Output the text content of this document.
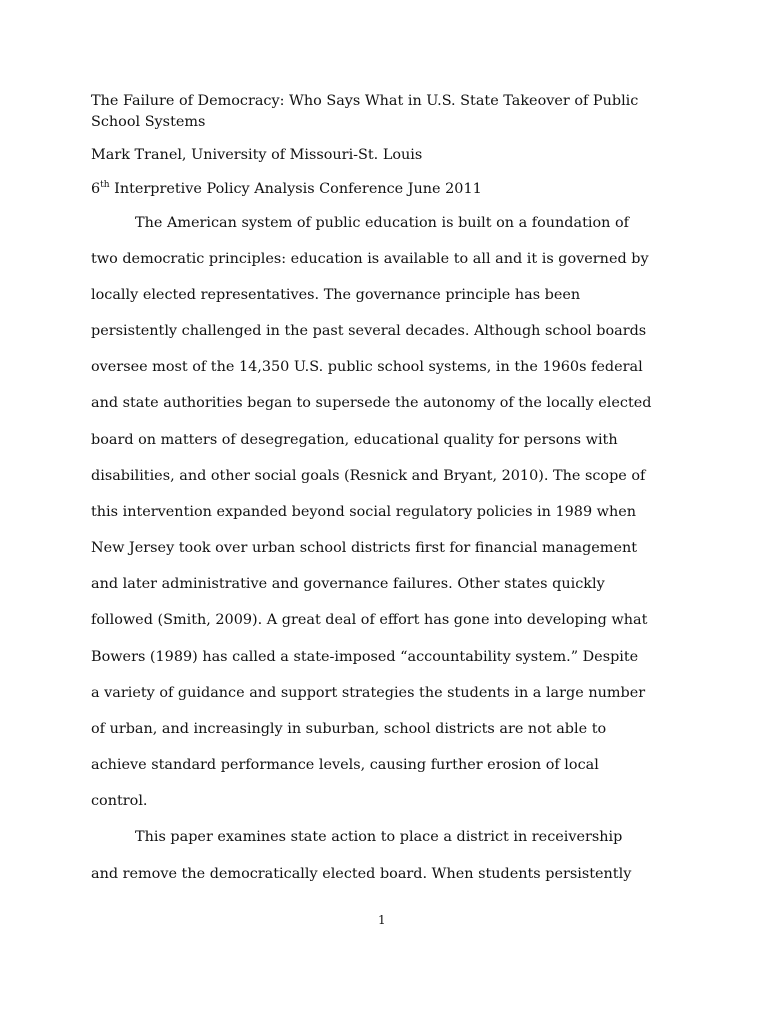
The Failure of Democracy: Who Says What in U.S. State Takeover of Public
School Systems
Mark Tranel, University of Missouri-St. Louis
6th Interpretive Policy Analysis Conference June 2011
The American system of public education is built on a foundation of
two democratic principles: education is available to all and it is governed by
locally elected representatives. The governance principle has been
persistently challenged in the past several decades. Although school boards
oversee most of the 14,350 U.S. public school systems, in the 1960s federal
and state authorities began to supersede the autonomy of the locally elected
board on matters of desegregation, educational quality for persons with
disabilities, and other social goals (Resnick and Bryant, 2010). The scope of
this intervention expanded beyond social regulatory policies in 1989 when
New Jersey took over urban school districts first for financial management
and later administrative and governance failures. Other states quickly
followed (Smith, 2009). A great deal of effort has gone into developing what
Bowers (1989) has called a state-imposed “accountability system.” Despite
a variety of guidance and support strategies the students in a large number
of urban, and increasingly in suburban, school districts are not able to
achieve standard performance levels, causing further erosion of local
control.
This paper examines state action to place a district in receivership
and remove the democratically elected board. When students persistently
1
